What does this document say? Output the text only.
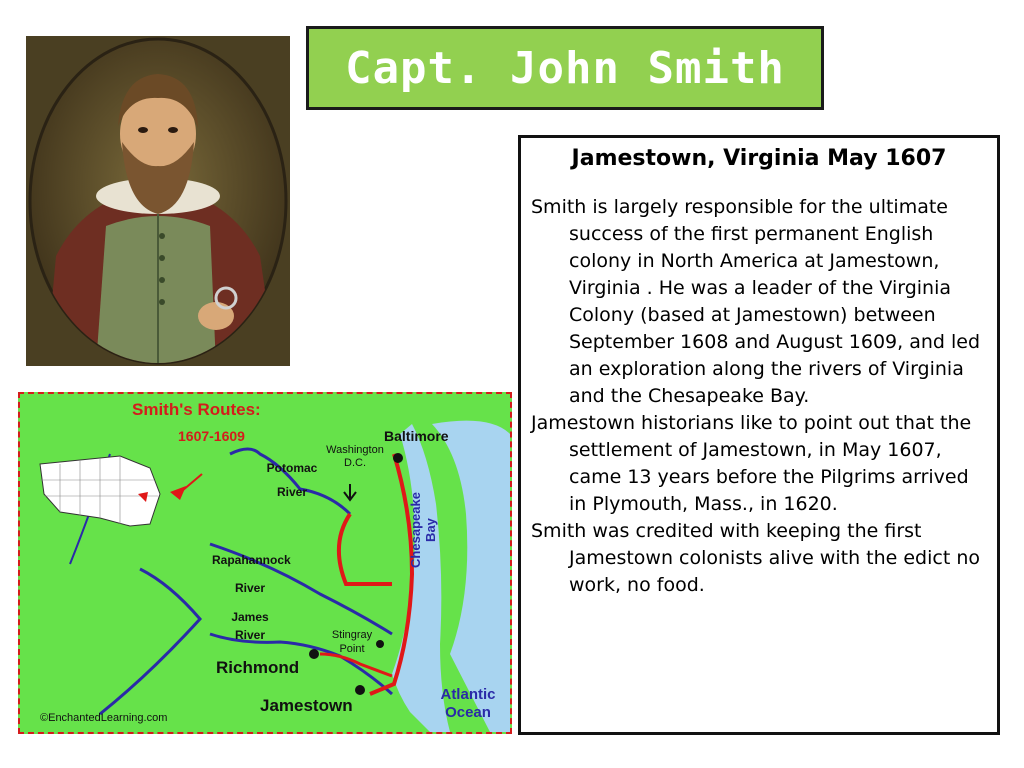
Capt. John Smith
Smith's Routes:
1607-1609
Washington D.C.
Baltimore
Potomac River
Rapahannock River
James River
Richmond
Jamestown
Stingray Point
Chesapeake Bay
Atlantic Ocean
©EnchantedLearning.com
Jamestown, Virginia May 1607

Smith is largely responsible for the ultimate success of the first permanent English colony in North America at Jamestown, Virginia . He was a leader of the Virginia Colony (based at Jamestown) between September 1608 and August 1609, and led an exploration along the rivers of Virginia and the Chesapeake Bay.

Jamestown historians like to point out that the settlement of Jamestown, in May 1607, came 13 years before the Pilgrims arrived in Plymouth, Mass., in 1620.

Smith was credited with keeping the first Jamestown colonists alive with the edict no work, no food.
